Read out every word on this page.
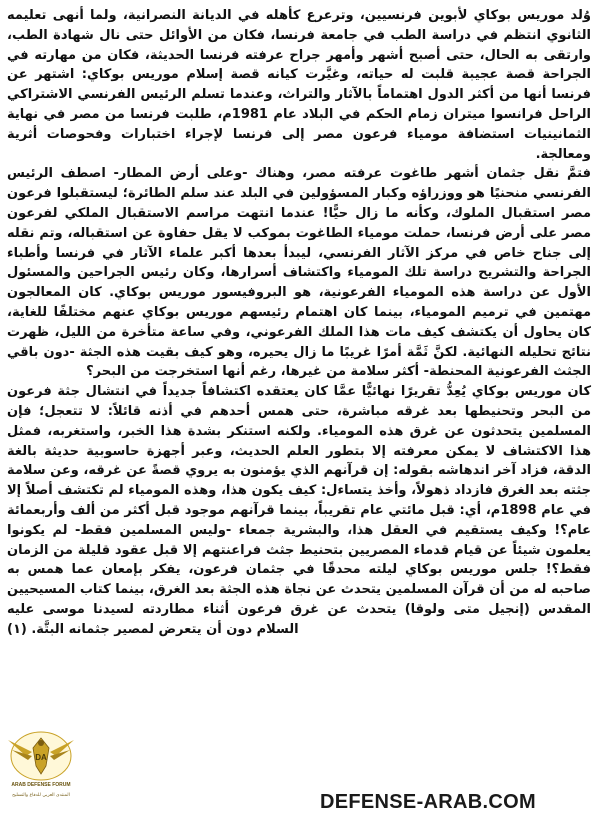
وُلد موريس بوكاي لأبوين فرنسيين، وترعرع كأهله في الديانة النصرانية، ولما أنهى تعليمه الثانوي انتظم في دراسة الطب في جامعة فرنسا، فكان من الأوائل حتى نال شهادة الطب، وارتقى به الحال، حتى أصبح أشهر وأمهر جراح عرفته فرنسا الحديثة، فكان من مهارته في الجراحة قصة عجيبة قلبت له حياته، وغيَّرت كيانه قصة إسلام موريس بوكاي: اشتهر عن فرنسا أنها من أكثر الدول اهتماماً بالآثار والتراث، وعندما تسلم الرئيس الفرنسي الاشتراكي الراحل فرانسوا ميتران زمام الحكم في البلاد عام 1981م، طلبت فرنسا من مصر في نهاية الثمانينيات استضافة مومياء فرعون مصر إلى فرنسا لإجراء اختبارات وفحوصات أثرية ومعالجة.

فتمَّ نقل جثمان أشهر طاغوت عرفته مصر، وهناك -وعلى أرض المطار- اصطف الرئيس الفرنسي منحنيًا هو ووزراؤه وكبار المسؤولين في البلد عند سلم الطائرة؛ ليستقبلوا فرعون مصر استقبال الملوك، وكأنه ما زال حيًّا! عندما انتهت مراسم الاستقبال الملكي لفرعون مصر على أرض فرنسا، حملت مومياء الطاغوت بموكب لا يقل حفاوة عن استقباله، وتم نقله إلى جناح خاص في مركز الآثار الفرنسي، ليبدأ بعدها أكبر علماء الآثار في فرنسا وأطباء الجراحة والتشريح دراسة تلك المومياء واكتشاف أسرارها، وكان رئيس الجراحين والمسئول الأول عن دراسة هذه المومياء الفرعونية، هو البروفيسور موريس بوكاي. كان المعالجون مهتمين في ترميم المومياء، بينما كان اهتمام رئيسهم موريس بوكاي عنهم مختلفًا للغاية، كان يحاول أن يكتشف كيف مات هذا الملك الفرعوني، وفي ساعة متأخرة من الليل، ظهرت نتائج تحليله النهائية. لكنَّ ثَمَّة أمرًا غريبًا ما زال يحيره، وهو كيف بقيت هذه الجثة -دون باقي الجثث الفرعونية المحنطة- أكثر سلامة من غيرها، رغم أنها استخرجت من البحر؟

كان موريس بوكاي يُعِدُّ تقريرًا نهائيًّا عمَّا كان يعتقده اكتشافاً جديداً في انتشال جثة فرعون من البحر وتحنيطها بعد غرقه مباشرة، حتى همس أحدهم في أذنه قائلاً: لا تتعجل؛ فإن المسلمين يتحدثون عن غرق هذه المومياء. ولكنه استنكر بشدة هذا الخبر، واستغربه، فمثل هذا الاكتشاف لا يمكن معرفته إلا بتطور العلم الحديث، وعبر أجهزة حاسوبية حديثة بالغة الدقة، فزاد آخر اندهاشه بقوله: إن قرآنهم الذي يؤمنون به يروي قصةً عن غرقه، وعن سلامة جثته بعد الغرق فازداد ذهولاً، وأخذ يتساءل: كيف يكون هذا، وهذه المومياء لم تكتشف أصلاً إلا في عام 1898م، أي: قبل مائتي عام تقريباً، بينما قرآنهم موجود قبل أكثر من ألف وأربعمائة عام؟! وكيف يستقيم في العقل هذا، والبشرية جمعاء -وليس المسلمين فقط- لم يكونوا يعلمون شيئاً عن قيام قدماء المصريين بتحنيط جثث فراعنتهم إلا قبل عقود قليلة من الزمان فقط؟! جلس موريس بوكاي ليلته محدقًا في جثمان فرعون، يفكر بإمعان عما همس به صاحبه له من أن قرآن المسلمين يتحدث عن نجاة هذه الجثة بعد الغرق، بينما كتاب المسيحيين المقدس (إنجيل متى ولوقا) يتحدث عن غرق فرعون أثناء مطاردته لسيدنا موسى عليه السلام دون أن يتعرض لمصير جثمانه البتَّة. (١)

DA
ARAB DEFENSE FORUM
المنتدى العربي للدفاع والتسليح	DEFENSE-ARAB.COM
